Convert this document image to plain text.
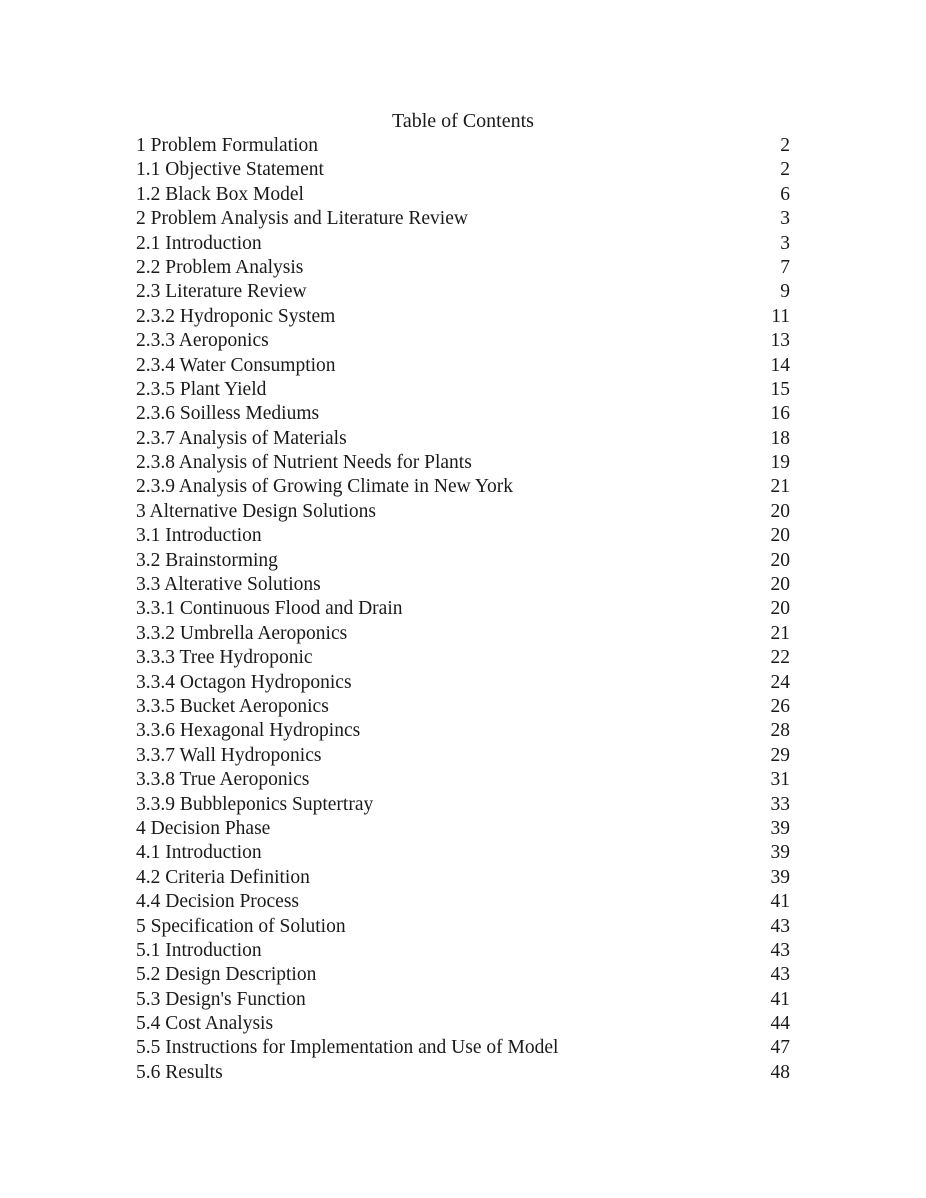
Table of Contents
1 Problem Formulation	2
1.1 Objective Statement	2
1.2 Black Box Model	6
2 Problem Analysis and Literature Review	3
2.1 Introduction	3
2.2 Problem Analysis	7
2.3 Literature Review	9
2.3.2 Hydroponic System	11
2.3.3 Aeroponics	13
2.3.4 Water Consumption	14
2.3.5 Plant Yield	15
2.3.6 Soilless Mediums	16
2.3.7 Analysis of Materials	18
2.3.8 Analysis of Nutrient Needs for Plants	19
2.3.9 Analysis of Growing Climate in New York	21
3 Alternative Design Solutions	20
3.1 Introduction	20
3.2 Brainstorming	20
3.3 Alterative Solutions	20
3.3.1 Continuous Flood and Drain	20
3.3.2 Umbrella Aeroponics	21
3.3.3 Tree Hydroponic	22
3.3.4 Octagon Hydroponics	24
3.3.5 Bucket Aeroponics	26
3.3.6 Hexagonal Hydropincs	28
3.3.7 Wall Hydroponics	29
3.3.8 True Aeroponics	31
3.3.9 Bubbleponics Suptertray	33
4 Decision Phase	39
4.1 Introduction	39
4.2 Criteria Definition	39
4.4 Decision Process	41
5 Specification of Solution	43
5.1 Introduction	43
5.2 Design Description	43
5.3 Design's Function	41
5.4 Cost Analysis	44
5.5 Instructions for Implementation and Use of Model	47
5.6 Results	48
